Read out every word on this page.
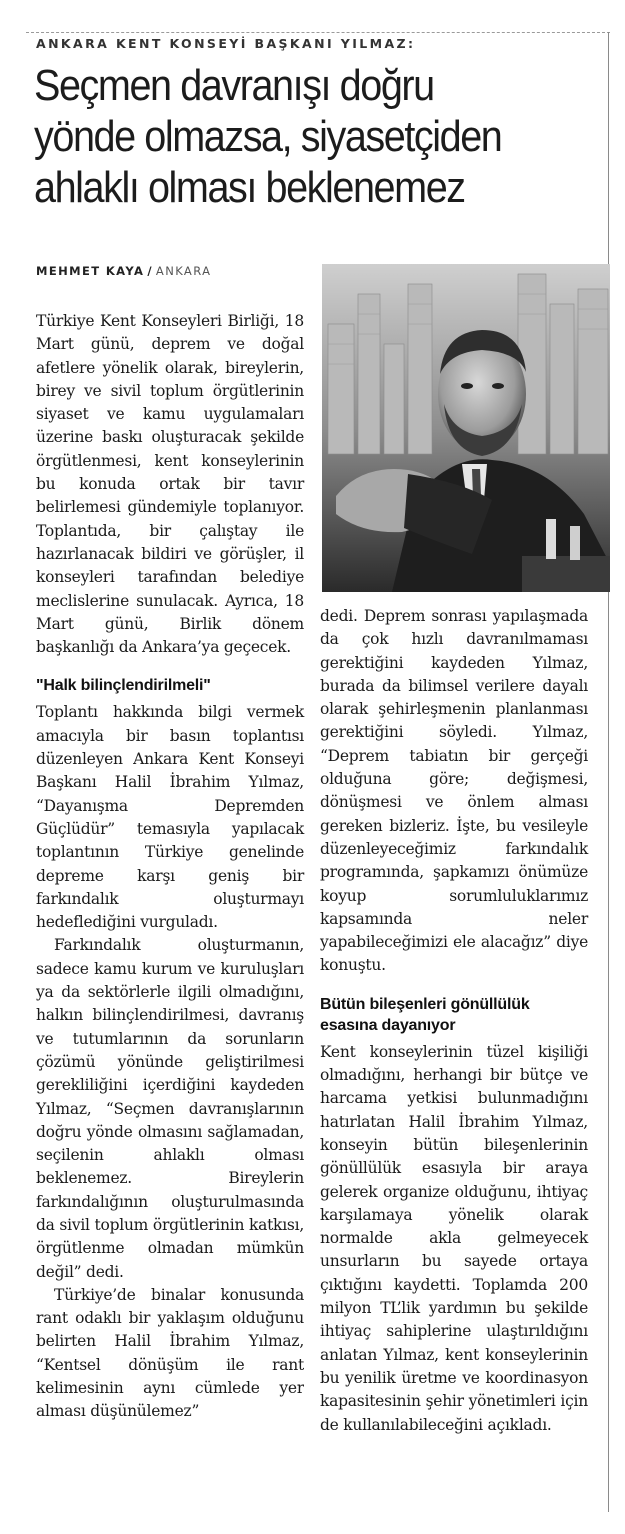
ANKARA KENT KONSEYİ BAŞKANI YILMAZ:
Seçmen davranışı doğru
yönde olmazsa, siyasetçiden
ahlaklı olması beklenemez
MEHMET KAYA / ANKARA

Türkiye Kent Konseyleri Birliği, 18 Mart günü, deprem ve doğal afetlere yönelik olarak, bireylerin, birey ve sivil toplum örgütlerinin siyaset ve kamu uygulamaları üzerine baskı oluşturacak şekilde örgütlenmesi, kent konseylerinin bu konuda ortak bir tavır belirlemesi gündemiyle toplanıyor. Toplantıda, bir çalıştay ile hazırlanacak bildiri ve görüşler, il konseyleri tarafından belediye meclislerine sunulacak. Ayrıca, 18 Mart günü, Birlik dönem başkanlığı da Ankara’ya geçecek.

"Halk bilinçlendirilmeli"

Toplantı hakkında bilgi vermek amacıyla bir basın toplantısı düzenleyen Ankara Kent Konseyi Başkanı Halil İbrahim Yılmaz, “Dayanışma Depremden Güçlüdür” temasıyla yapılacak toplantının Türkiye genelinde depreme karşı geniş bir farkındalık oluşturmayı hedeflediğini vurguladı.

Farkındalık oluşturmanın, sadece kamu kurum ve kuruluşları ya da sektörlerle ilgili olmadığını, halkın bilinçlendirilmesi, davranış ve tutumlarının da sorunların çözümü yönünde geliştirilmesi gerekliliğini içerdiğini kaydeden Yılmaz, “Seçmen davranışlarının doğru yönde olmasını sağlamadan, seçilenin ahlaklı olması beklenemez. Bireylerin farkındalığının oluşturulmasında da sivil toplum örgütlerinin katkısı, örgütlenme olmadan mümkün değil” dedi.

Türkiye’de binalar konusunda rant odaklı bir yaklaşım olduğunu belirten Halil İbrahim Yılmaz, “Kentsel dönüşüm ile rant kelimesinin aynı cümlede yer alması düşünülemez”

dedi. Deprem sonrası yapılaşmada da çok hızlı davranılmaması gerektiğini kaydeden Yılmaz, burada da bilimsel verilere dayalı olarak şehirleşmenin planlanması gerektiğini söyledi. Yılmaz, “Deprem tabiatın bir gerçeği olduğuna göre; değişmesi, dönüşmesi ve önlem alması gereken bizleriz. İşte, bu vesileyle düzenleyeceğimiz farkındalık programında, şapkamızı önümüze koyup sorumluluklarımız kapsamında neler yapabileceğimizi ele alacağız” diye konuştu.

Bütün bileşenleri gönüllülük esasına dayanıyor

Kent konseylerinin tüzel kişiliği olmadığını, herhangi bir bütçe ve harcama yetkisi bulunmadığını hatırlatan Halil İbrahim Yılmaz, konseyin bütün bileşenlerinin gönüllülük esasıyla bir araya gelerek organize olduğunu, ihtiyaç karşılamaya yönelik olarak normalde akla gelmeyecek unsurların bu sayede ortaya çıktığını kaydetti. Toplamda 200 milyon TL’lik yardımın bu şekilde ihtiyaç sahiplerine ulaştırıldığını anlatan Yılmaz, kent konseylerinin bu yenilik üretme ve koordinasyon kapasitesinin şehir yönetimleri için de kullanılabileceğini açıkladı.
